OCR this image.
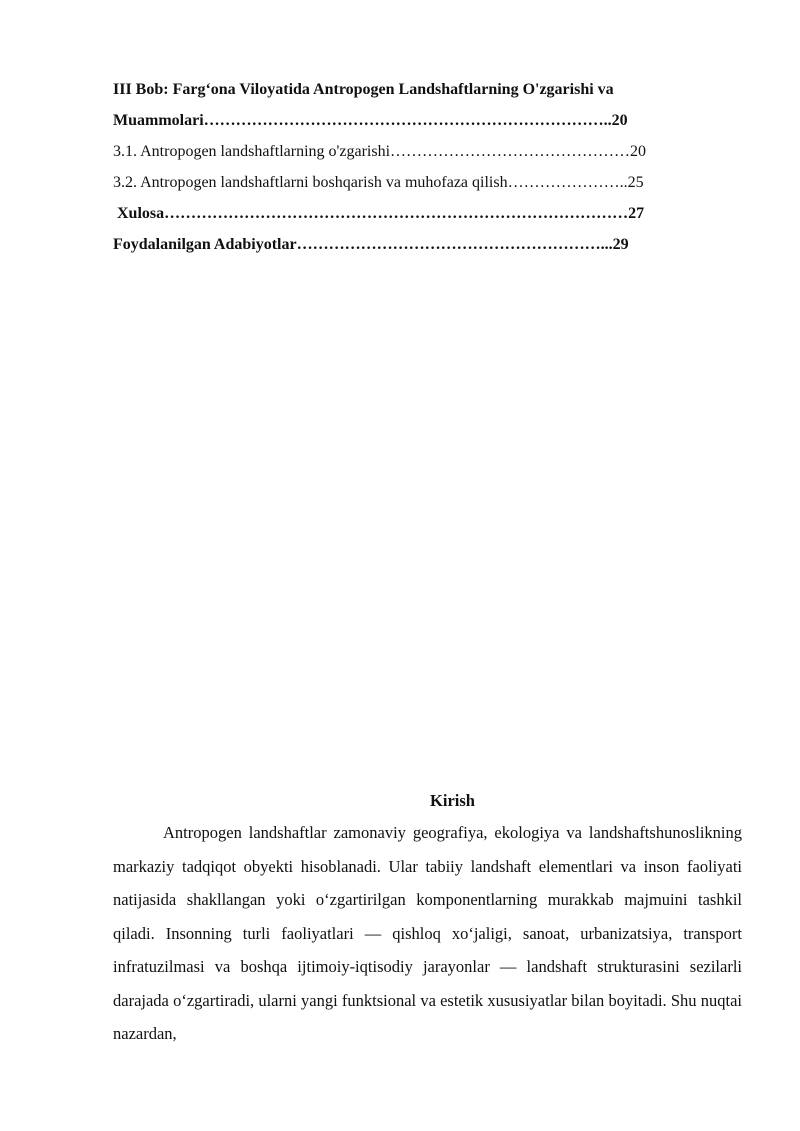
III Bob: Farg‘ona Viloyatida Antropogen Landshaftlarning O'zgarishi va
Muammolari…………………………………………………………………..20
3.1. Antropogen landshaftlarning o'zgarishi………………………………………20
3.2. Antropogen landshaftlarni boshqarish va muhofaza qilish…………………..25
Xulosa……………………………………………………………………………27
Foydalanilgan Adabiyotlar…………………………………………………...29
Kirish

Antropogen landshaftlar zamonaviy geografiya, ekologiya va landshaftshunoslikning markaziy tadqiqot obyekti hisoblanadi. Ular tabiiy landshaft elementlari va inson faoliyati natijasida shakllangan yoki o‘zgartirilgan komponentlarning murakkab majmuini tashkil qiladi. Insonning turli faoliyatlari — qishloq xo‘jaligi, sanoat, urbanizatsiya, transport infratuzilmasi va boshqa ijtimoiy-iqtisodiy jarayonlar — landshaft strukturasini sezilarli darajada o‘zgartiradi, ularni yangi funktsional va estetik xususiyatlar bilan boyitadi. Shu nuqtai nazardan,
